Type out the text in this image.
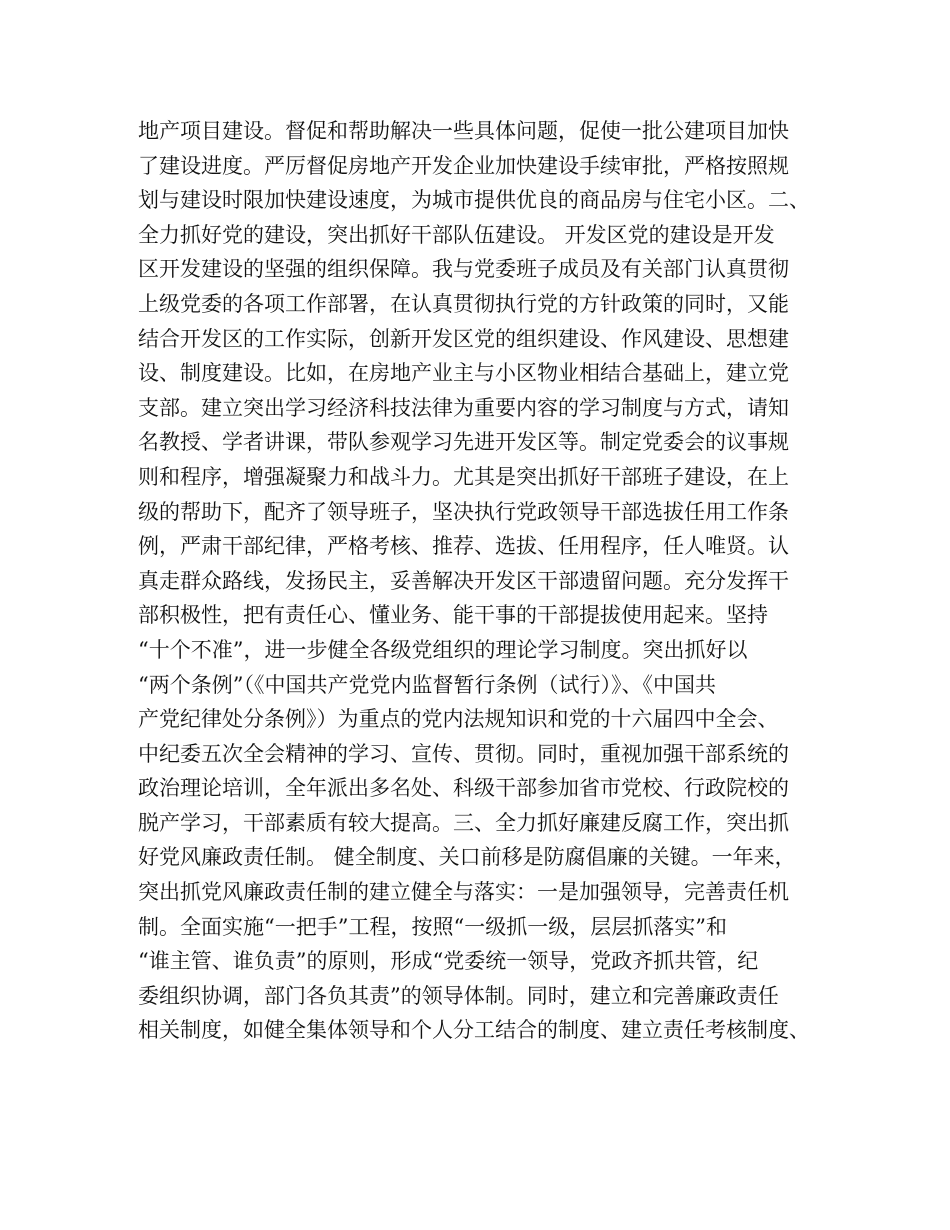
地产项目建设。督促和帮助解决一些具体问题，促使一批公建项目加快
了建设进度。严厉督促房地产开发企业加快建设手续审批，严格按照规
划与建设时限加快建设速度，为城市提供优良的商品房与住宅小区。二、
全力抓好党的建设，突出抓好干部队伍建设。 开发区党的建设是开发
区开发建设的坚强的组织保障。我与党委班子成员及有关部门认真贯彻
上级党委的各项工作部署，在认真贯彻执行党的方针政策的同时，又能
结合开发区的工作实际，创新开发区党的组织建设、作风建设、思想建
设、制度建设。比如，在房地产业主与小区物业相结合基础上，建立党
支部。建立突出学习经济科技法律为重要内容的学习制度与方式，请知
名教授、学者讲课，带队参观学习先进开发区等。制定党委会的议事规
则和程序，增强凝聚力和战斗力。尤其是突出抓好干部班子建设，在上
级的帮助下，配齐了领导班子，坚决执行党政领导干部选拔任用工作条
例，严肃干部纪律，严格考核、推荐、选拔、任用程序，任人唯贤。认
真走群众路线，发扬民主，妥善解决开发区干部遗留问题。充分发挥干
部积极性，把有责任心、懂业务、能干事的干部提拔使用起来。坚持
“十个不准”，进一步健全各级党组织的理论学习制度。突出抓好以
“两个条例”（《中国共产党党内监督暂行条例（试行）》、《中国共
产党纪律处分条例》）为重点的党内法规知识和党的十六届四中全会、
中纪委五次全会精神的学习、宣传、贯彻。同时，重视加强干部系统的
政治理论培训，全年派出多名处、科级干部参加省市党校、行政院校的
脱产学习，干部素质有较大提高。三、全力抓好廉建反腐工作，突出抓
好党风廉政责任制。 健全制度、关口前移是防腐倡廉的关键。一年来，
突出抓党风廉政责任制的建立健全与落实：一是加强领导，完善责任机
制。全面实施“一把手”工程，按照“一级抓一级，层层抓落实”和
“谁主管、谁负责”的原则，形成“党委统一领导，党政齐抓共管，纪
委组织协调，部门各负其责”的领导体制。同时，建立和完善廉政责任
相关制度，如健全集体领导和个人分工结合的制度、建立责任考核制度、
